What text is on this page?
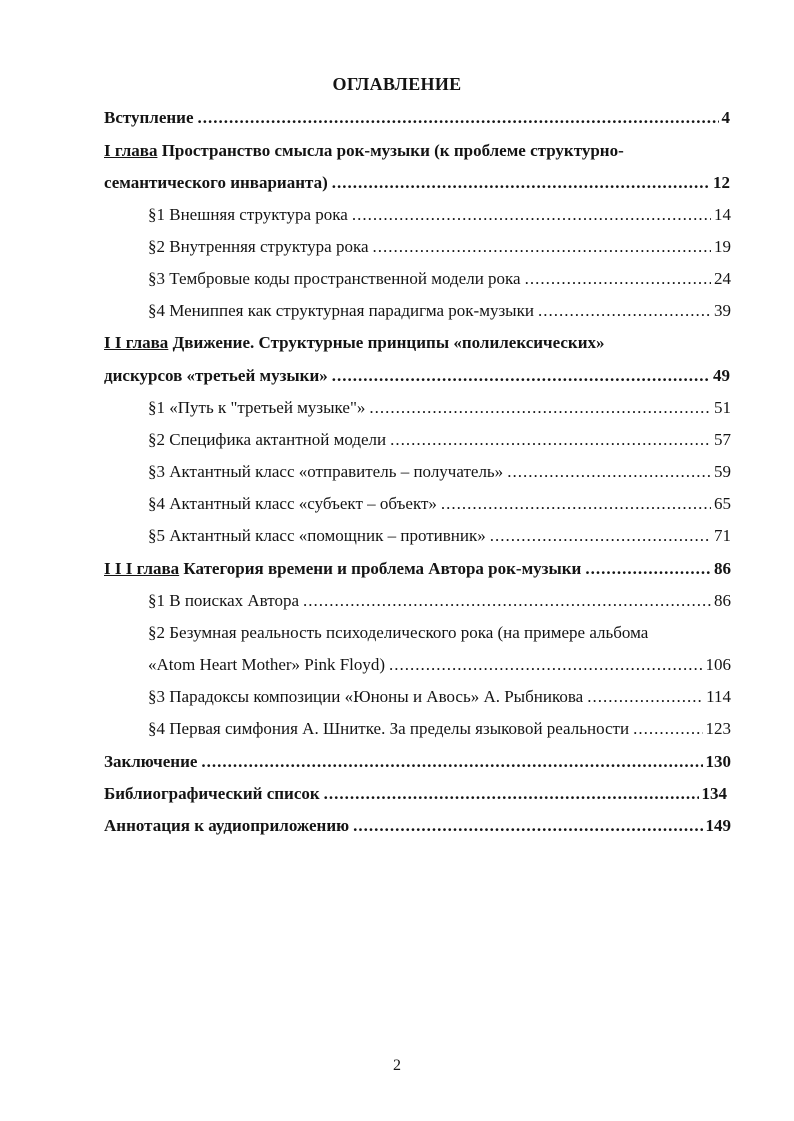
ОГЛАВЛЕНИЕ
Вступление .....	4
I глава
Пространство смысла рок-музыки (к проблеме структурно-
семантического инварианта) .....	12
§1 Внешняя структура рока .....	14
§2 Внутренняя структура рока .....	19
§3 Тембровые коды пространственной модели рока .....	24
§4 Мениппея как структурная парадигма рок-музыки .....	39
I I глава
Движение. Структурные принципы «полилексических»
дискурсов «третьей музыки» .....	49
§1 «Путь к "третьей музыке"» .....	51
§2 Специфика актантной модели .....	57
§3 Актантный класс «отправитель – получатель» .....	59
§4 Актантный класс «субъект – объект» .....	65
§5 Актантный класс «помощник – противник» .....	71
I I I глава
Категория времени и проблема Автора рок-музыки .....	86
§1 В поисках Автора .....	86
§2 Безумная реальность психоделического рока (на примере альбома
«Atom Heart Mother» Pink Floyd) .....	106
§3 Парадоксы композиции «Юноны и Авось» А. Рыбникова .....	114
§4 Первая симфония А. Шнитке. За пределы языковой реальности .....	123
Заключение .....	130
Библиографический список .....	134
Аннотация к аудиоприложению .....	149
2
